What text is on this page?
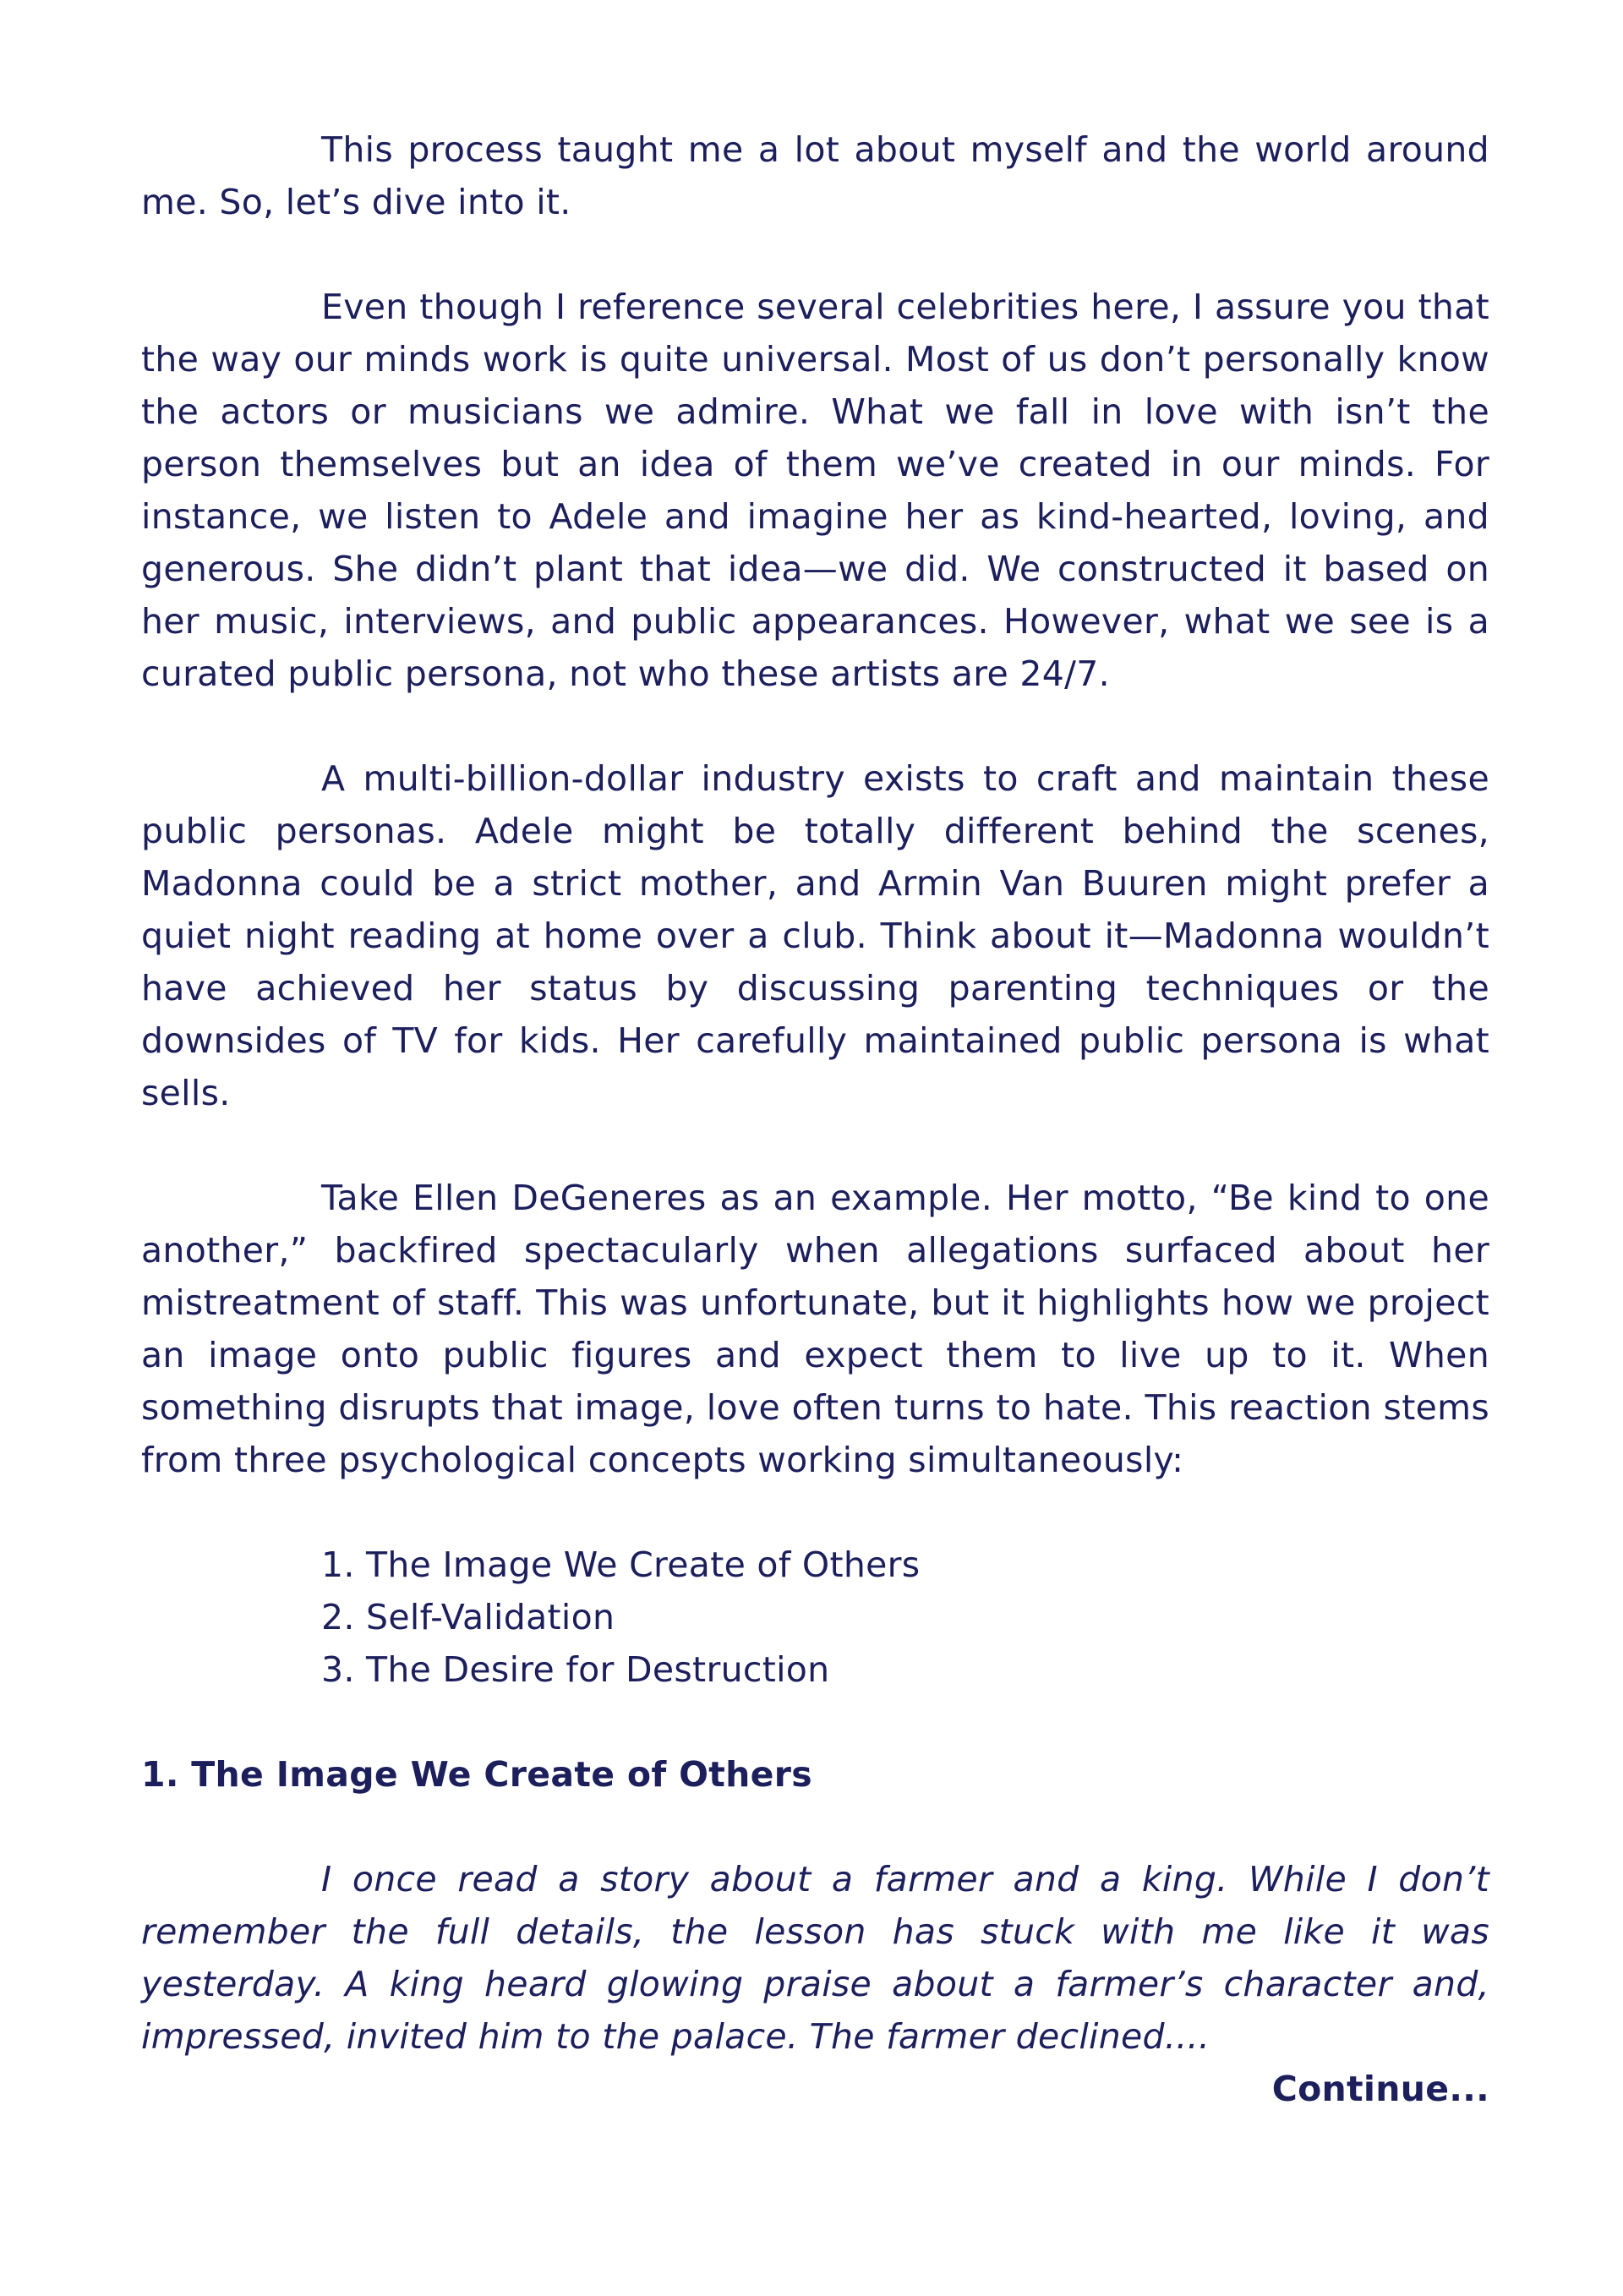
This process taught me a lot about myself and the world around me. So, let’s dive into it.

Even though I reference several celebrities here, I assure you that the way our minds work is quite universal. Most of us don’t personally know the actors or musicians we admire. What we fall in love with isn’t the person themselves but an idea of them we’ve created in our minds. For instance, we listen to Adele and imagine her as kind-hearted, loving, and generous. She didn’t plant that idea—we did. We constructed it based on her music, interviews, and public appearances. However, what we see is a curated public persona, not who these artists are 24/7.

A multi-billion-dollar industry exists to craft and maintain these public personas. Adele might be totally different behind the scenes, Madonna could be a strict mother, and Armin Van Buuren might prefer a quiet night reading at home over a club. Think about it—Madonna wouldn’t have achieved her status by discussing parenting techniques or the downsides of TV for kids. Her carefully maintained public persona is what sells.

Take Ellen DeGeneres as an example. Her motto, “Be kind to one another,” backfired spectacularly when allegations surfaced about her mistreatment of staff. This was unfortunate, but it highlights how we project an image onto public figures and expect them to live up to it. When something disrupts that image, love often turns to hate. This reaction stems from three psychological concepts working simultaneously:

1. The Image We Create of Others
2. Self-Validation
3. The Desire for Destruction
1. The Image We Create of Others

I once read a story about a farmer and a king. While I don’t remember the full details, the lesson has stuck with me like it was yesterday. A king heard glowing praise about a farmer’s character and, impressed, invited him to the palace. The farmer declined....

Continue...
